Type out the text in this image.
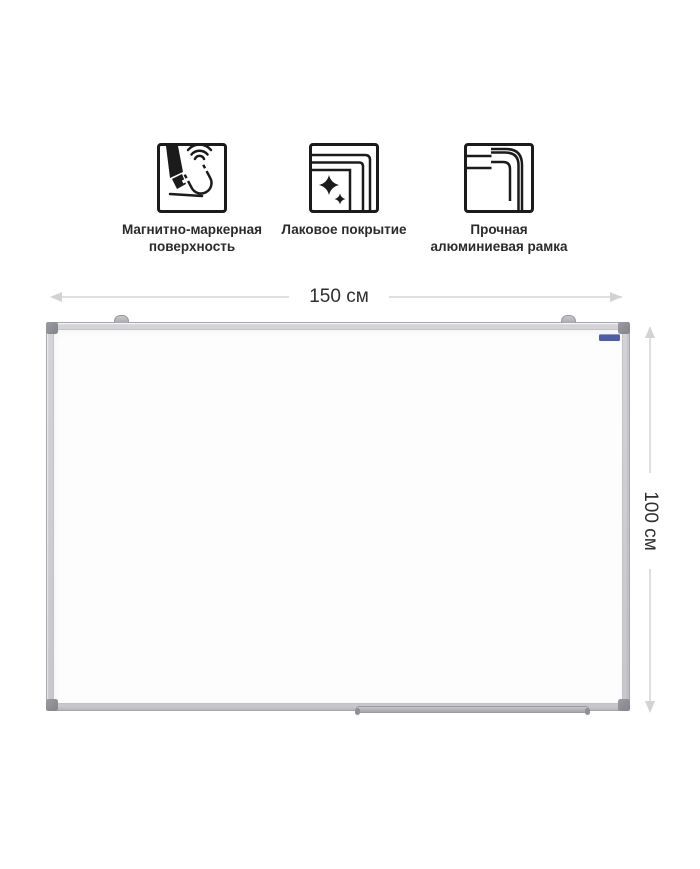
Магнитно-маркерная
поверхность
Лаковое покрытие	Прочная
алюминиевая рамка
150 см
100 см
